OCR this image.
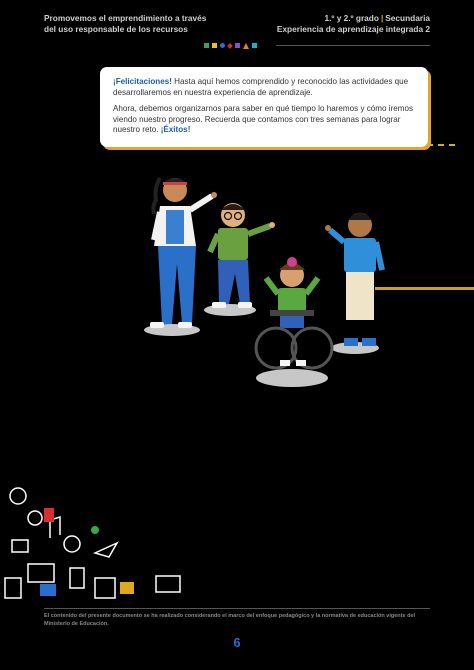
Promovemos el emprendimiento a través
del uso responsable de los recursos
1.º y 2.º grado | Secundaria
Experiencia de aprendizaje integrada 2

¡Felicitaciones! Hasta aquí hemos comprendido y reconocido las actividades que desarrollaremos en nuestra experiencia de aprendizaje.

Ahora, debemos organizarnos para saber en qué tiempo lo haremos y cómo iremos viendo nuestro progreso. Recuerda que contamos con tres semanas para lograr nuestro reto. ¡Éxitos!

El contenido del presente documento se ha realizado considerando el marco del enfoque pedagógico y la normativa de educación vigente del Ministerio de Educación.
6
